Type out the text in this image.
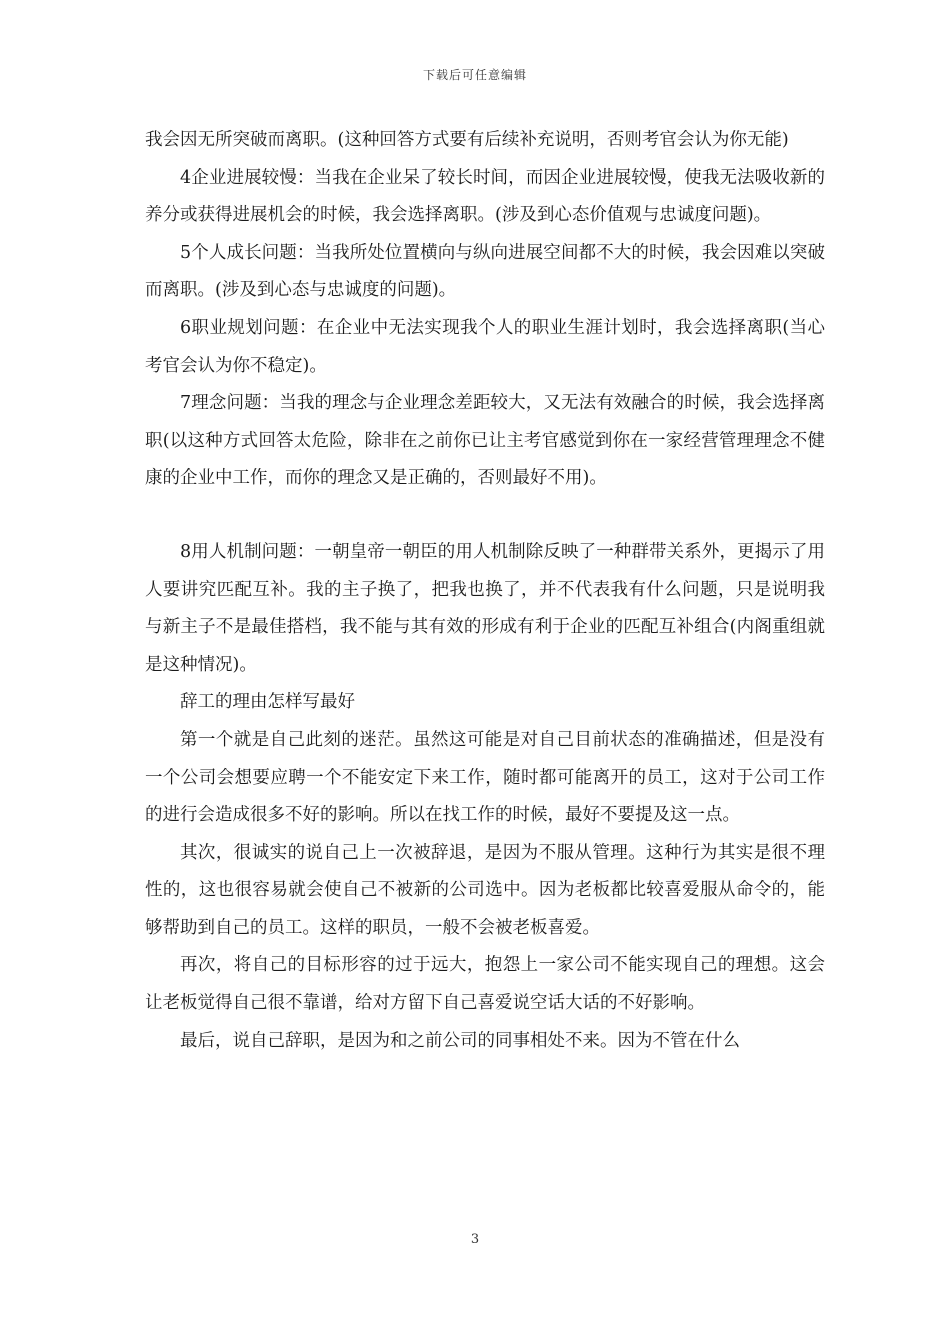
下载后可任意编辑

我会因无所突破而离职。(这种回答方式要有后续补充说明，否则考官会认为你无能)

4企业进展较慢：当我在企业呆了较长时间，而因企业进展较慢，使我无法吸收新的养分或获得进展机会的时候，我会选择离职。(涉及到心态价值观与忠诚度问题)。

5个人成长问题：当我所处位置横向与纵向进展空间都不大的时候，我会因难以突破而离职。(涉及到心态与忠诚度的问题)。

6职业规划问题：在企业中无法实现我个人的职业生涯计划时，我会选择离职(当心考官会认为你不稳定)。

7理念问题：当我的理念与企业理念差距较大，又无法有效融合的时候，我会选择离职(以这种方式回答太危险，除非在之前你已让主考官感觉到你在一家经营管理理念不健康的企业中工作，而你的理念又是正确的，否则最好不用)。

8用人机制问题：一朝皇帝一朝臣的用人机制除反映了一种群带关系外，更揭示了用人要讲究匹配互补。我的主子换了，把我也换了，并不代表我有什么问题，只是说明我与新主子不是最佳搭档，我不能与其有效的形成有利于企业的匹配互补组合(内阁重组就是这种情况)。

辞工的理由怎样写最好

第一个就是自己此刻的迷茫。虽然这可能是对自己目前状态的准确描述，但是没有一个公司会想要应聘一个不能安定下来工作，随时都可能离开的员工，这对于公司工作的进行会造成很多不好的影响。所以在找工作的时候，最好不要提及这一点。

其次，很诚实的说自己上一次被辞退，是因为不服从管理。这种行为其实是很不理性的，这也很容易就会使自己不被新的公司选中。因为老板都比较喜爱服从命令的，能够帮助到自己的员工。这样的职员，一般不会被老板喜爱。

再次，将自己的目标形容的过于远大，抱怨上一家公司不能实现自己的理想。这会让老板觉得自己很不靠谱，给对方留下自己喜爱说空话大话的不好影响。

最后，说自己辞职，是因为和之前公司的同事相处不来。因为不管在什么

3
